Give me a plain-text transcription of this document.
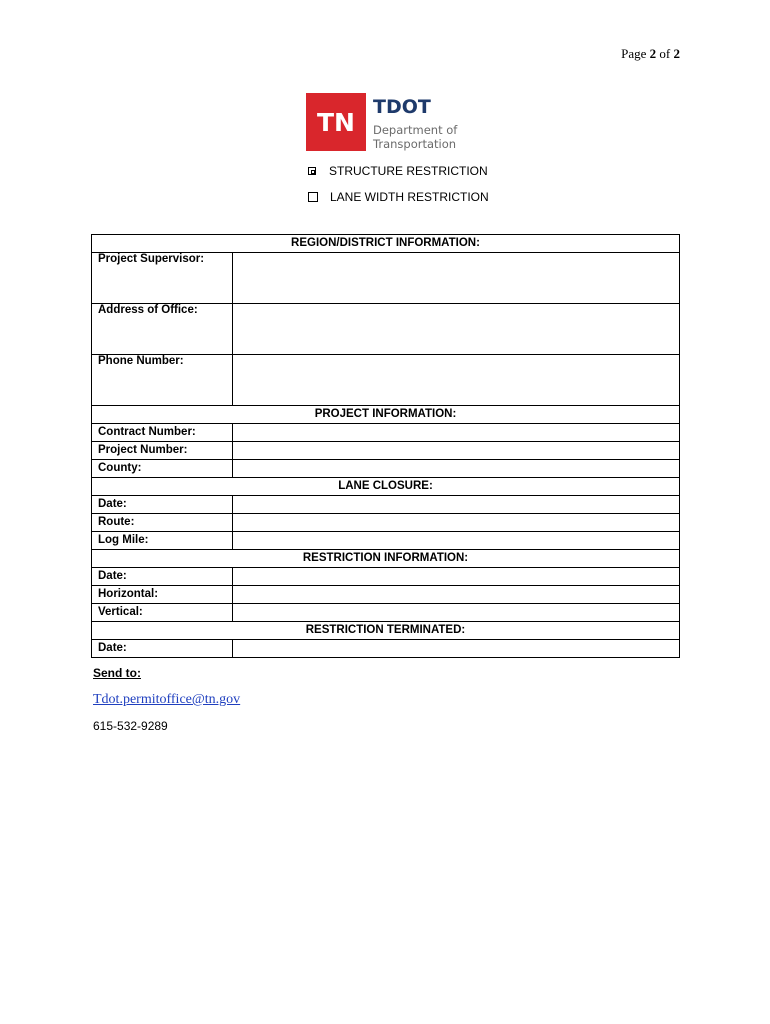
Page 2 of 2
TN
TDOT
Department of
Transportation
STRUCTURE RESTRICTION
LANE WIDTH RESTRICTION
REGION/DISTRICT INFORMATION:	
Project Supervisor:	
Address of Office:	
Phone Number:	
PROJECT INFORMATION:	
Contract Number:	
Project Number:	
County:	
LANE CLOSURE:	
Date:	
Route:	
Log Mile:	
RESTRICTION INFORMATION:	
Date:	
Horizontal:	
Vertical:	
RESTRICTION TERMINATED:	
Date:	
Send to:
Tdot.permitoffice@tn.gov
615-532-9289
